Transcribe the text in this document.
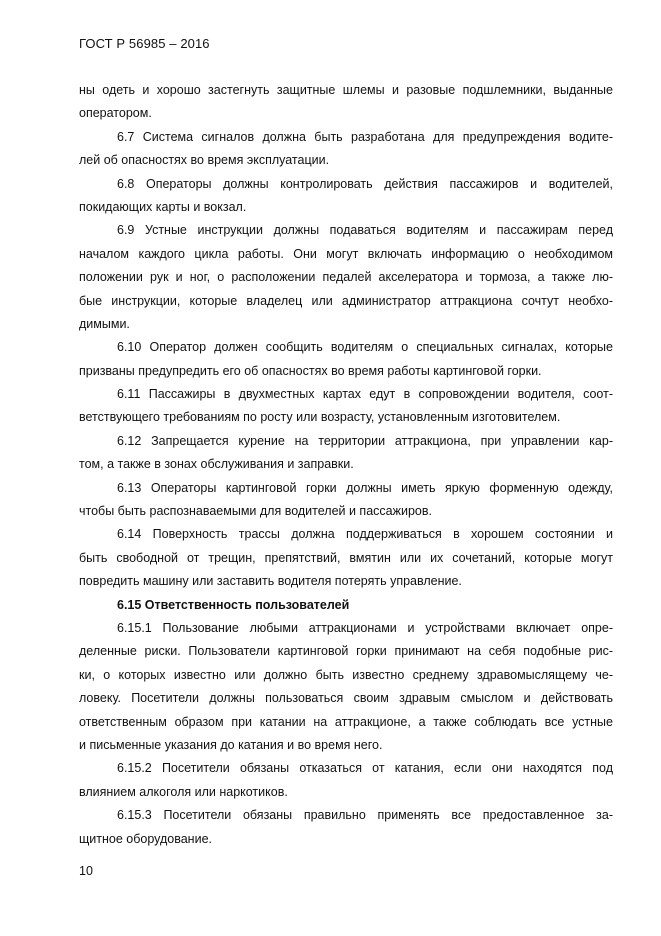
ГОСТ Р 56985 – 2016
ны одеть и хорошо застегнуть защитные шлемы и разовые подшлемники, выданные
оператором.
6.7 Система сигналов должна быть разработана для предупреждения водите-
лей об опасностях во время эксплуатации.
6.8 Операторы должны контролировать действия пассажиров и водителей,
покидающих карты и вокзал.
6.9 Устные инструкции должны подаваться водителям и пассажирам перед
началом каждого цикла работы. Они могут включать информацию о необходимом
положении рук и ног, о расположении педалей акселератора и тормоза, а также лю-
бые инструкции, которые владелец или администратор аттракциона сочтут необхо-
димыми.
6.10 Оператор должен сообщить водителям о специальных сигналах, которые
призваны предупредить его об опасностях во время работы картинговой горки.
6.11 Пассажиры в двухместных картах едут в сопровождении водителя, соот-
ветствующего требованиям по росту или возрасту, установленным изготовителем.
6.12 Запрещается курение на территории аттракциона, при управлении кар-
том, а также в зонах обслуживания и заправки.
6.13 Операторы картинговой горки должны иметь яркую форменную одежду,
чтобы быть распознаваемыми для водителей и пассажиров.
6.14 Поверхность трассы должна поддерживаться в хорошем состоянии и
быть свободной от трещин, препятствий, вмятин или их сочетаний, которые могут
повредить машину или заставить водителя потерять управление.
6.15 Ответственность пользователей
6.15.1 Пользование любыми аттракционами и устройствами включает опре-
деленные риски. Пользователи картинговой горки принимают на себя подобные рис-
ки, о которых известно или должно быть известно среднему здравомыслящему че-
ловеку. Посетители должны пользоваться своим здравым смыслом и действовать
ответственным образом при катании на аттракционе, а также соблюдать все устные
и письменные указания до катания и во время него.
6.15.2 Посетители обязаны отказаться от катания, если они находятся под
влиянием алкоголя или наркотиков.
6.15.3 Посетители обязаны правильно применять все предоставленное за-
щитное оборудование.
10
